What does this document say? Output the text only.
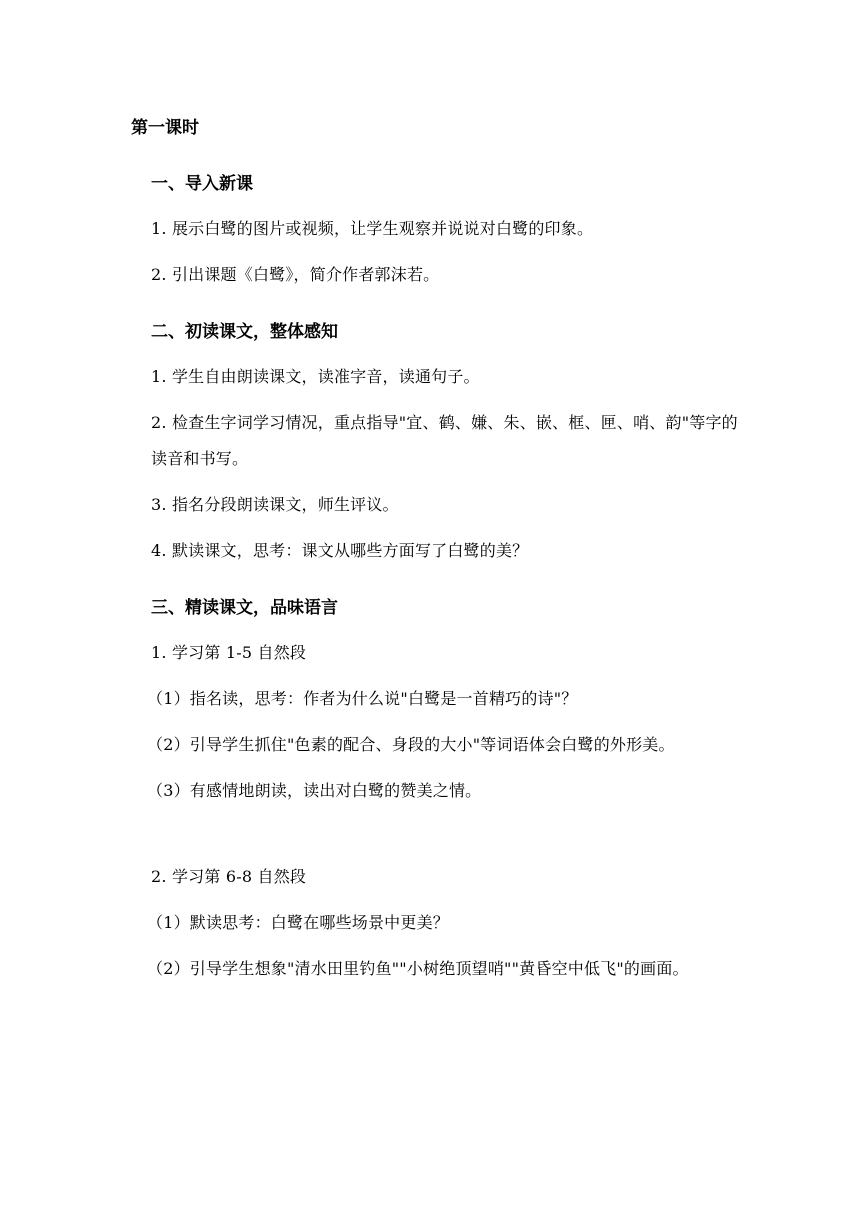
第一课时
一、导入新课
1. 展示白鹭的图片或视频，让学生观察并说说对白鹭的印象。
2. 引出课题《白鹭》，简介作者郭沫若。
二、初读课文，整体感知
1. 学生自由朗读课文，读准字音，读通句子。
2. 检查生字词学习情况，重点指导"宜、鹤、嫌、朱、嵌、框、匣、哨、韵"等字的读音和书写。
3. 指名分段朗读课文，师生评议。
4. 默读课文，思考：课文从哪些方面写了白鹭的美？
三、精读课文，品味语言
1. 学习第 1-5 自然段
（1）指名读，思考：作者为什么说"白鹭是一首精巧的诗"？
（2）引导学生抓住"色素的配合、身段的大小"等词语体会白鹭的外形美。
（3）有感情地朗读，读出对白鹭的赞美之情。
2. 学习第 6-8 自然段
（1）默读思考：白鹭在哪些场景中更美？
（2）引导学生想象"清水田里钓鱼""小树绝顶望哨""黄昏空中低飞"的画面。
